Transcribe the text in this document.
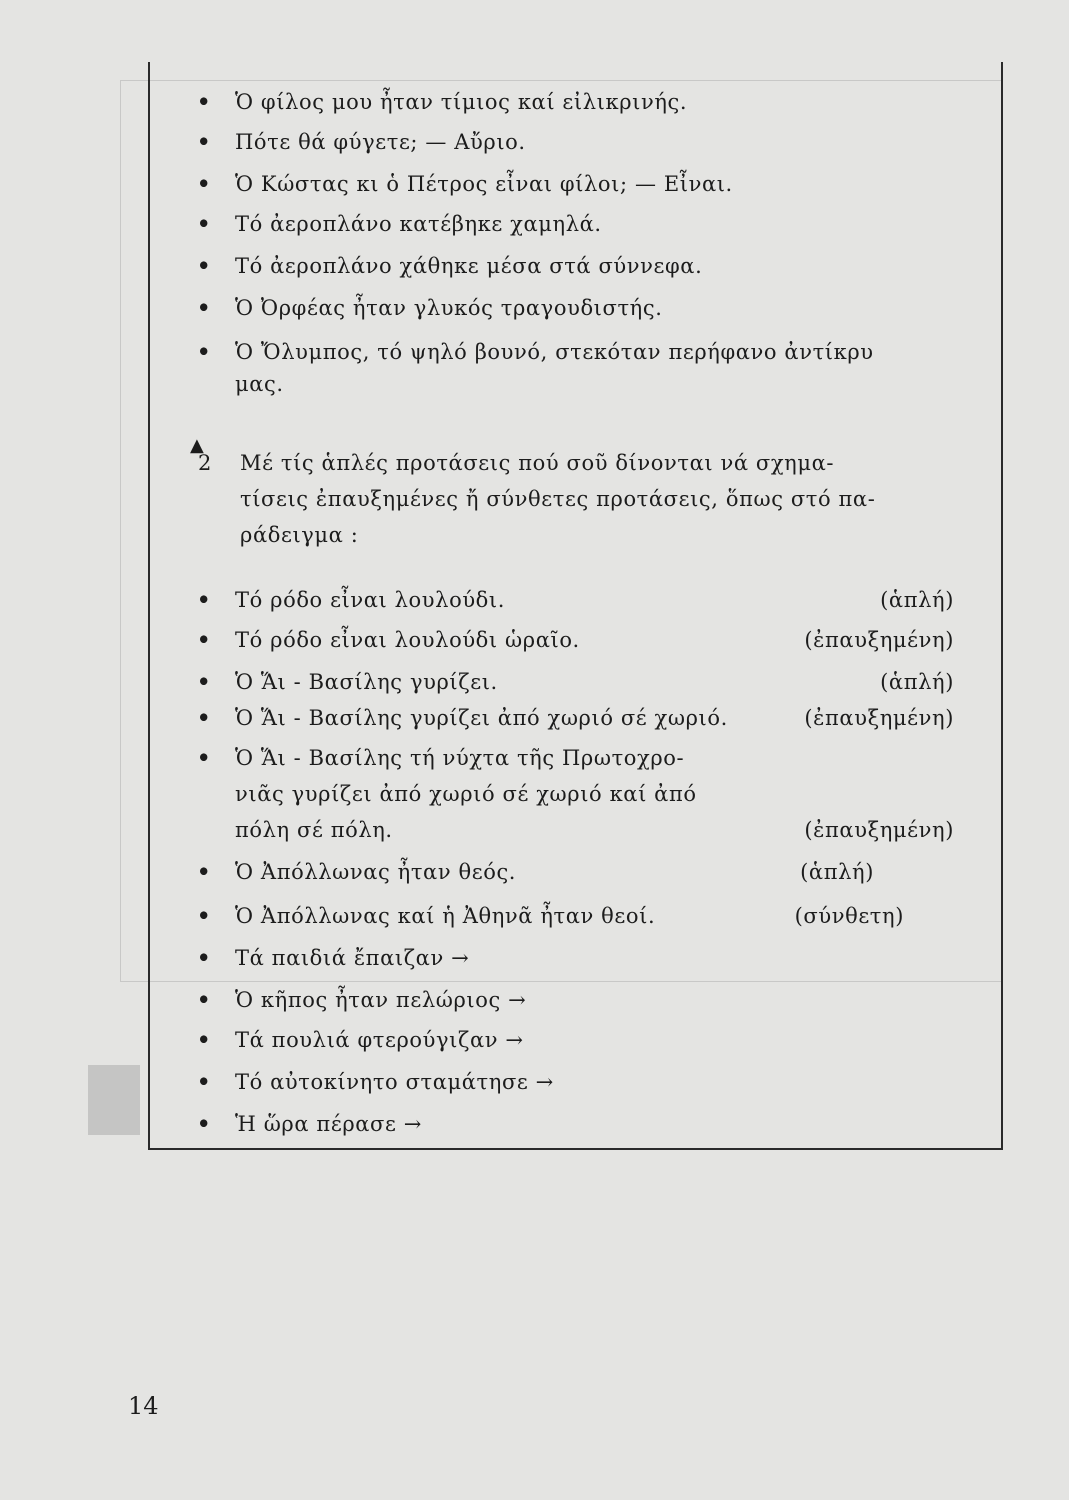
• Ὁ φίλος μου ἦταν τίμιος καί εἰλικρινής.
• Πότε θά φύγετε; — Αὔριο.
• Ὁ Κώστας κι ὁ Πέτρος εἶναι φίλοι; — Εἶναι.
• Τό ἀεροπλάνο κατέβηκε χαμηλά.
• Τό ἀεροπλάνο χάθηκε μέσα στά σύννεφα.
• Ὁ Ὀρφέας ἦταν γλυκός τραγουδιστής.
• Ὁ Ὄλυμπος, τό ψηλό βουνό, στεκόταν περήφανο ἀντίκρυ
μας.
▲
2 Μέ τίς ἁπλές προτάσεις πού σοῦ δίνονται νά σχημα-
τίσεις ἐπαυξημένες ἤ σύνθετες προτάσεις, ὅπως στό πα-
ράδειγμα :
• Τό ρόδο εἶναι λουλούδι.	(ἁπλή)
• Τό ρόδο εἶναι λουλούδι ὡραῖο.	(ἐπαυξημένη)
• Ὁ Ἅι - Βασίλης γυρίζει.	(ἁπλή)
• Ὁ Ἅι - Βασίλης γυρίζει ἀπό χωριό σέ χωριό.	(ἐπαυξημένη)
• Ὁ Ἅι - Βασίλης τή νύχτα τῆς Πρωτοχρο-
νιᾶς γυρίζει ἀπό χωριό σέ χωριό καί ἀπό
πόλη σέ πόλη.	(ἐπαυξημένη)
• Ὁ Ἀπόλλωνας ἦταν θεός.	(ἁπλή)
• Ὁ Ἀπόλλωνας καί ἡ Ἀθηνᾶ ἦταν θεοί.	(σύνθετη)
• Τά παιδιά ἔπαιζαν →
• Ὁ κῆπος ἦταν πελώριος →
• Τά πουλιά φτερούγιζαν →
• Τό αὐτοκίνητο σταμάτησε →
• Ἡ ὥρα πέρασε →
14
